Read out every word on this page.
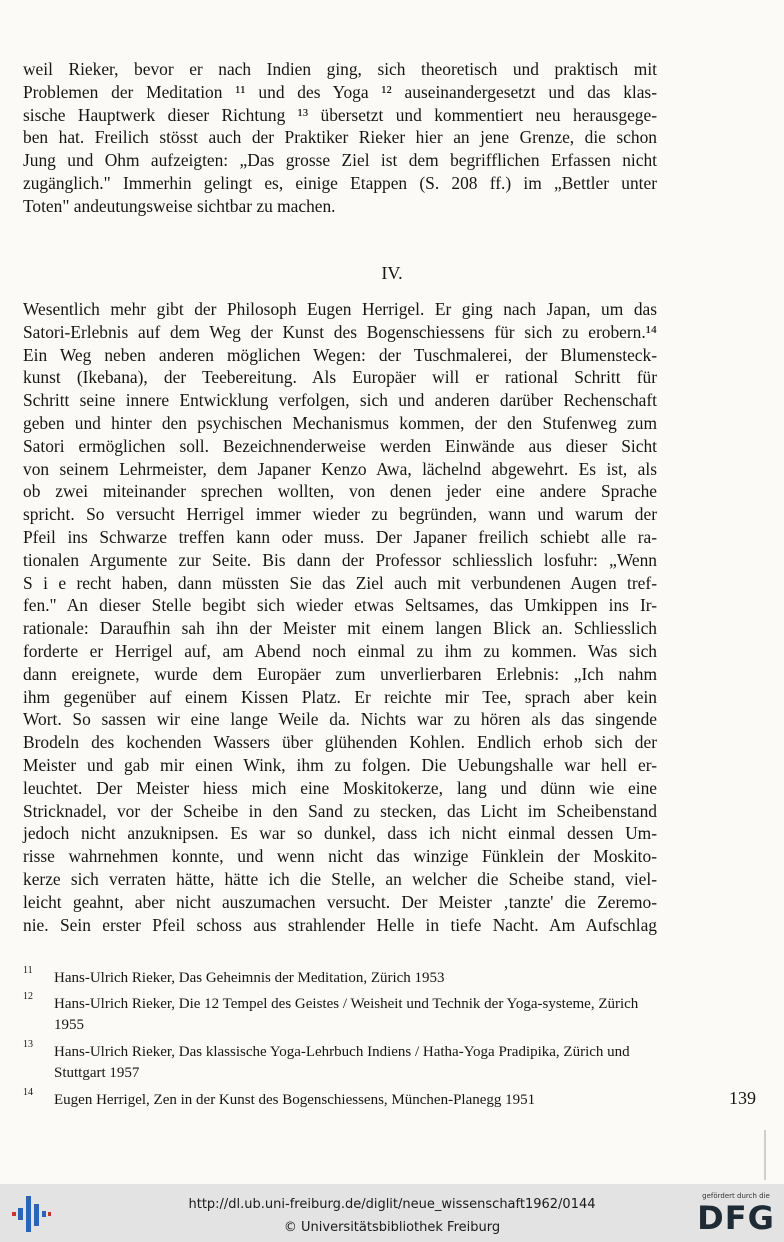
weil Rieker, bevor er nach Indien ging, sich theoretisch und praktisch mit
Problemen der Meditation ¹¹ und des Yoga ¹² auseinandergesetzt und das klas-
sische Hauptwerk dieser Richtung ¹³ übersetzt und kommentiert neu herausgege-
ben hat. Freilich stösst auch der Praktiker Rieker hier an jene Grenze, die schon
Jung und Ohm aufzeigten: „Das grosse Ziel ist dem begrifflichen Erfassen nicht
zugänglich." Immerhin gelingt es, einige Etappen (S. 208 ff.) im „Bettler unter
Toten" andeutungsweise sichtbar zu machen.
IV.
Wesentlich mehr gibt der Philosoph Eugen Herrigel. Er ging nach Japan, um das
Satori-Erlebnis auf dem Weg der Kunst des Bogenschiessens für sich zu erobern.¹⁴
Ein Weg neben anderen möglichen Wegen: der Tuschmalerei, der Blumensteck-
kunst (Ikebana), der Teebereitung. Als Europäer will er rational Schritt für
Schritt seine innere Entwicklung verfolgen, sich und anderen darüber Rechenschaft
geben und hinter den psychischen Mechanismus kommen, der den Stufenweg zum
Satori ermöglichen soll. Bezeichnenderweise werden Einwände aus dieser Sicht
von seinem Lehrmeister, dem Japaner Kenzo Awa, lächelnd abgewehrt. Es ist, als
ob zwei miteinander sprechen wollten, von denen jeder eine andere Sprache
spricht. So versucht Herrigel immer wieder zu begründen, wann und warum der
Pfeil ins Schwarze treffen kann oder muss. Der Japaner freilich schiebt alle ra-
tionalen Argumente zur Seite. Bis dann der Professor schliesslich losfuhr: „Wenn
S i e recht haben, dann müssten Sie das Ziel auch mit verbundenen Augen tref-
fen." An dieser Stelle begibt sich wieder etwas Seltsames, das Umkippen ins Ir-
rationale: Daraufhin sah ihn der Meister mit einem langen Blick an. Schliesslich
forderte er Herrigel auf, am Abend noch einmal zu ihm zu kommen. Was sich
dann ereignete, wurde dem Europäer zum unverlierbaren Erlebnis: „Ich nahm
ihm gegenüber auf einem Kissen Platz. Er reichte mir Tee, sprach aber kein
Wort. So sassen wir eine lange Weile da. Nichts war zu hören als das singende
Brodeln des kochenden Wassers über glühenden Kohlen. Endlich erhob sich der
Meister und gab mir einen Wink, ihm zu folgen. Die Uebungshalle war hell er-
leuchtet. Der Meister hiess mich eine Moskitokerze, lang und dünn wie eine
Stricknadel, vor der Scheibe in den Sand zu stecken, das Licht im Scheibenstand
jedoch nicht anzuknipsen. Es war so dunkel, dass ich nicht einmal dessen Um-
risse wahrnehmen konnte, und wenn nicht das winzige Fünklein der Moskito-
kerze sich verraten hätte, hätte ich die Stelle, an welcher die Scheibe stand, viel-
leicht geahnt, aber nicht auszumachen versucht. Der Meister ‚tanzte' die Zeremo-
nie. Sein erster Pfeil schoss aus strahlender Helle in tiefe Nacht. Am Aufschlag
11 Hans-Ulrich Rieker, Das Geheimnis der Meditation, Zürich 1953
12 Hans-Ulrich Rieker, Die 12 Tempel des Geistes / Weisheit und Technik der Yoga-systeme, Zürich 1955
13 Hans-Ulrich Rieker, Das klassische Yoga-Lehrbuch Indiens / Hatha-Yoga Pradipika, Zürich und Stuttgart 1957
14 Eugen Herrigel, Zen in der Kunst des Bogenschiessens, München-Planegg 1951	139
http://dl.ub.uni-freiburg.de/diglit/neue_wissenschaft1962/0144
© Universitätsbibliothek Freiburg
gefördert durch die
DFG
